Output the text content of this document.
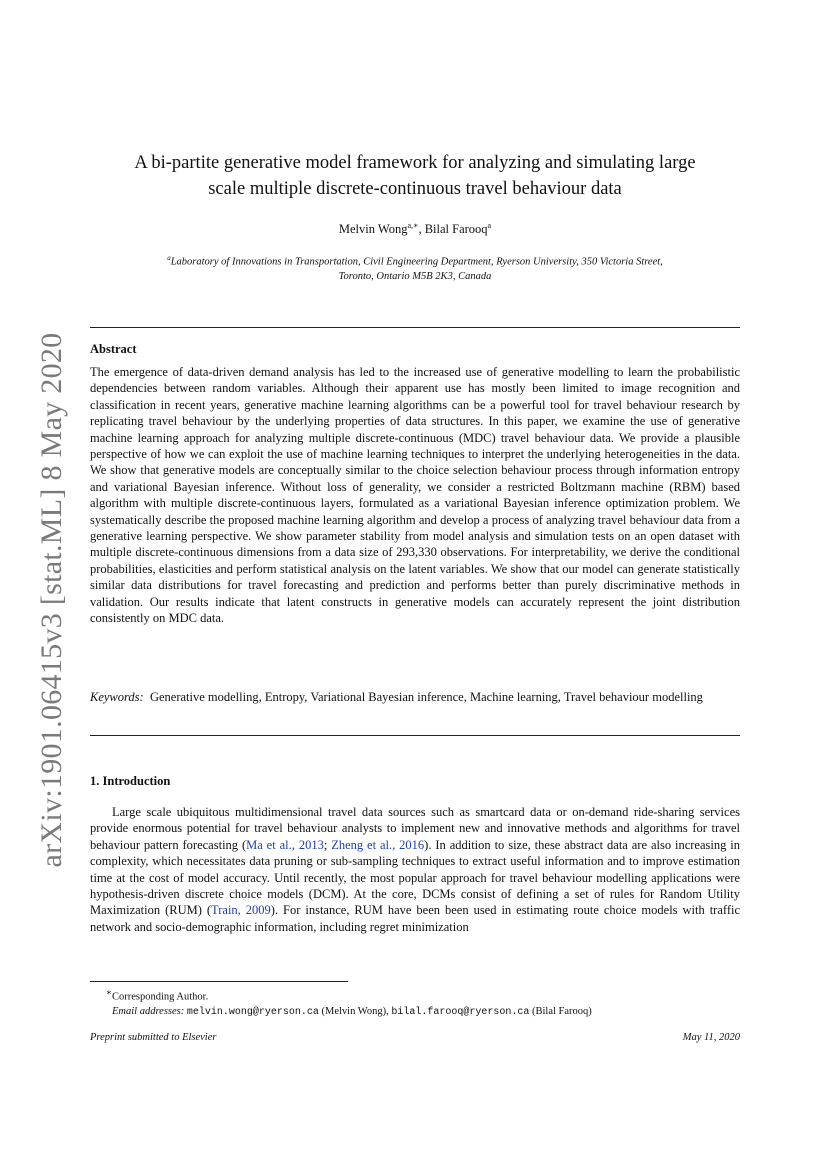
arXiv:1901.06415v3 [stat.ML] 8 May 2020
A bi-partite generative model framework for analyzing and simulating large
scale multiple discrete-continuous travel behaviour data
Melvin Wong$^{a,∗}$, Bilal Farooq$^a$
$^a$Laboratory of Innovations in Transportation, Civil Engineering Department, Ryerson University, 350 Victoria Street,
Toronto, Ontario M5B 2K3, Canada
Abstract
The emergence of data-driven demand analysis has led to the increased use of generative modelling to learn the probabilistic dependencies between random variables. Although their apparent use has mostly been limited to image recognition and classification in recent years, generative machine learning algorithms can be a powerful tool for travel behaviour research by replicating travel behaviour by the underlying properties of data structures. In this paper, we examine the use of generative machine learning approach for analyzing multiple discrete-continuous (MDC) travel behaviour data. We provide a plausible perspective of how we can exploit the use of machine learning techniques to interpret the underlying heterogeneities in the data. We show that generative models are conceptually similar to the choice selection behaviour process through information entropy and variational Bayesian inference. Without loss of generality, we consider a restricted Boltzmann machine (RBM) based algorithm with multiple discrete-continuous layers, formulated as a variational Bayesian inference optimization problem. We systematically describe the proposed machine learning algorithm and develop a process of analyzing travel behaviour data from a generative learning perspective. We show parameter stability from model analysis and simulation tests on an open dataset with multiple discrete-continuous dimensions from a data size of 293,330 observations. For interpretability, we derive the conditional probabilities, elasticities and perform statistical analysis on the latent variables. We show that our model can generate statistically similar data distributions for travel forecasting and prediction and performs better than purely discriminative methods in validation. Our results indicate that latent constructs in generative models can accurately represent the joint distribution consistently on MDC data.
Keywords: Generative modelling, Entropy, Variational Bayesian inference, Machine learning, Travel behaviour modelling
1. Introduction
Large scale ubiquitous multidimensional travel data sources such as smartcard data or on-demand ride-sharing services provide enormous potential for travel behaviour analysts to implement new and innovative methods and algorithms for travel behaviour pattern forecasting (Ma et al., 2013; Zheng et al., 2016). In addition to size, these abstract data are also increasing in complexity, which necessitates data pruning or sub-sampling techniques to extract useful information and to improve estimation time at the cost of model accuracy. Until recently, the most popular approach for travel behaviour modelling applications were hypothesis-driven discrete choice models (DCM). At the core, DCMs consist of defining a set of rules for Random Utility Maximization (RUM) (Train, 2009). For instance, RUM have been been used in estimating route choice models with traffic network and socio-demographic information, including regret minimization
∗Corresponding Author.
Email addresses: melvin.wong@ryerson.ca (Melvin Wong), bilal.farooq@ryerson.ca (Bilal Farooq)
Preprint submitted to Elsevier	May 11, 2020
